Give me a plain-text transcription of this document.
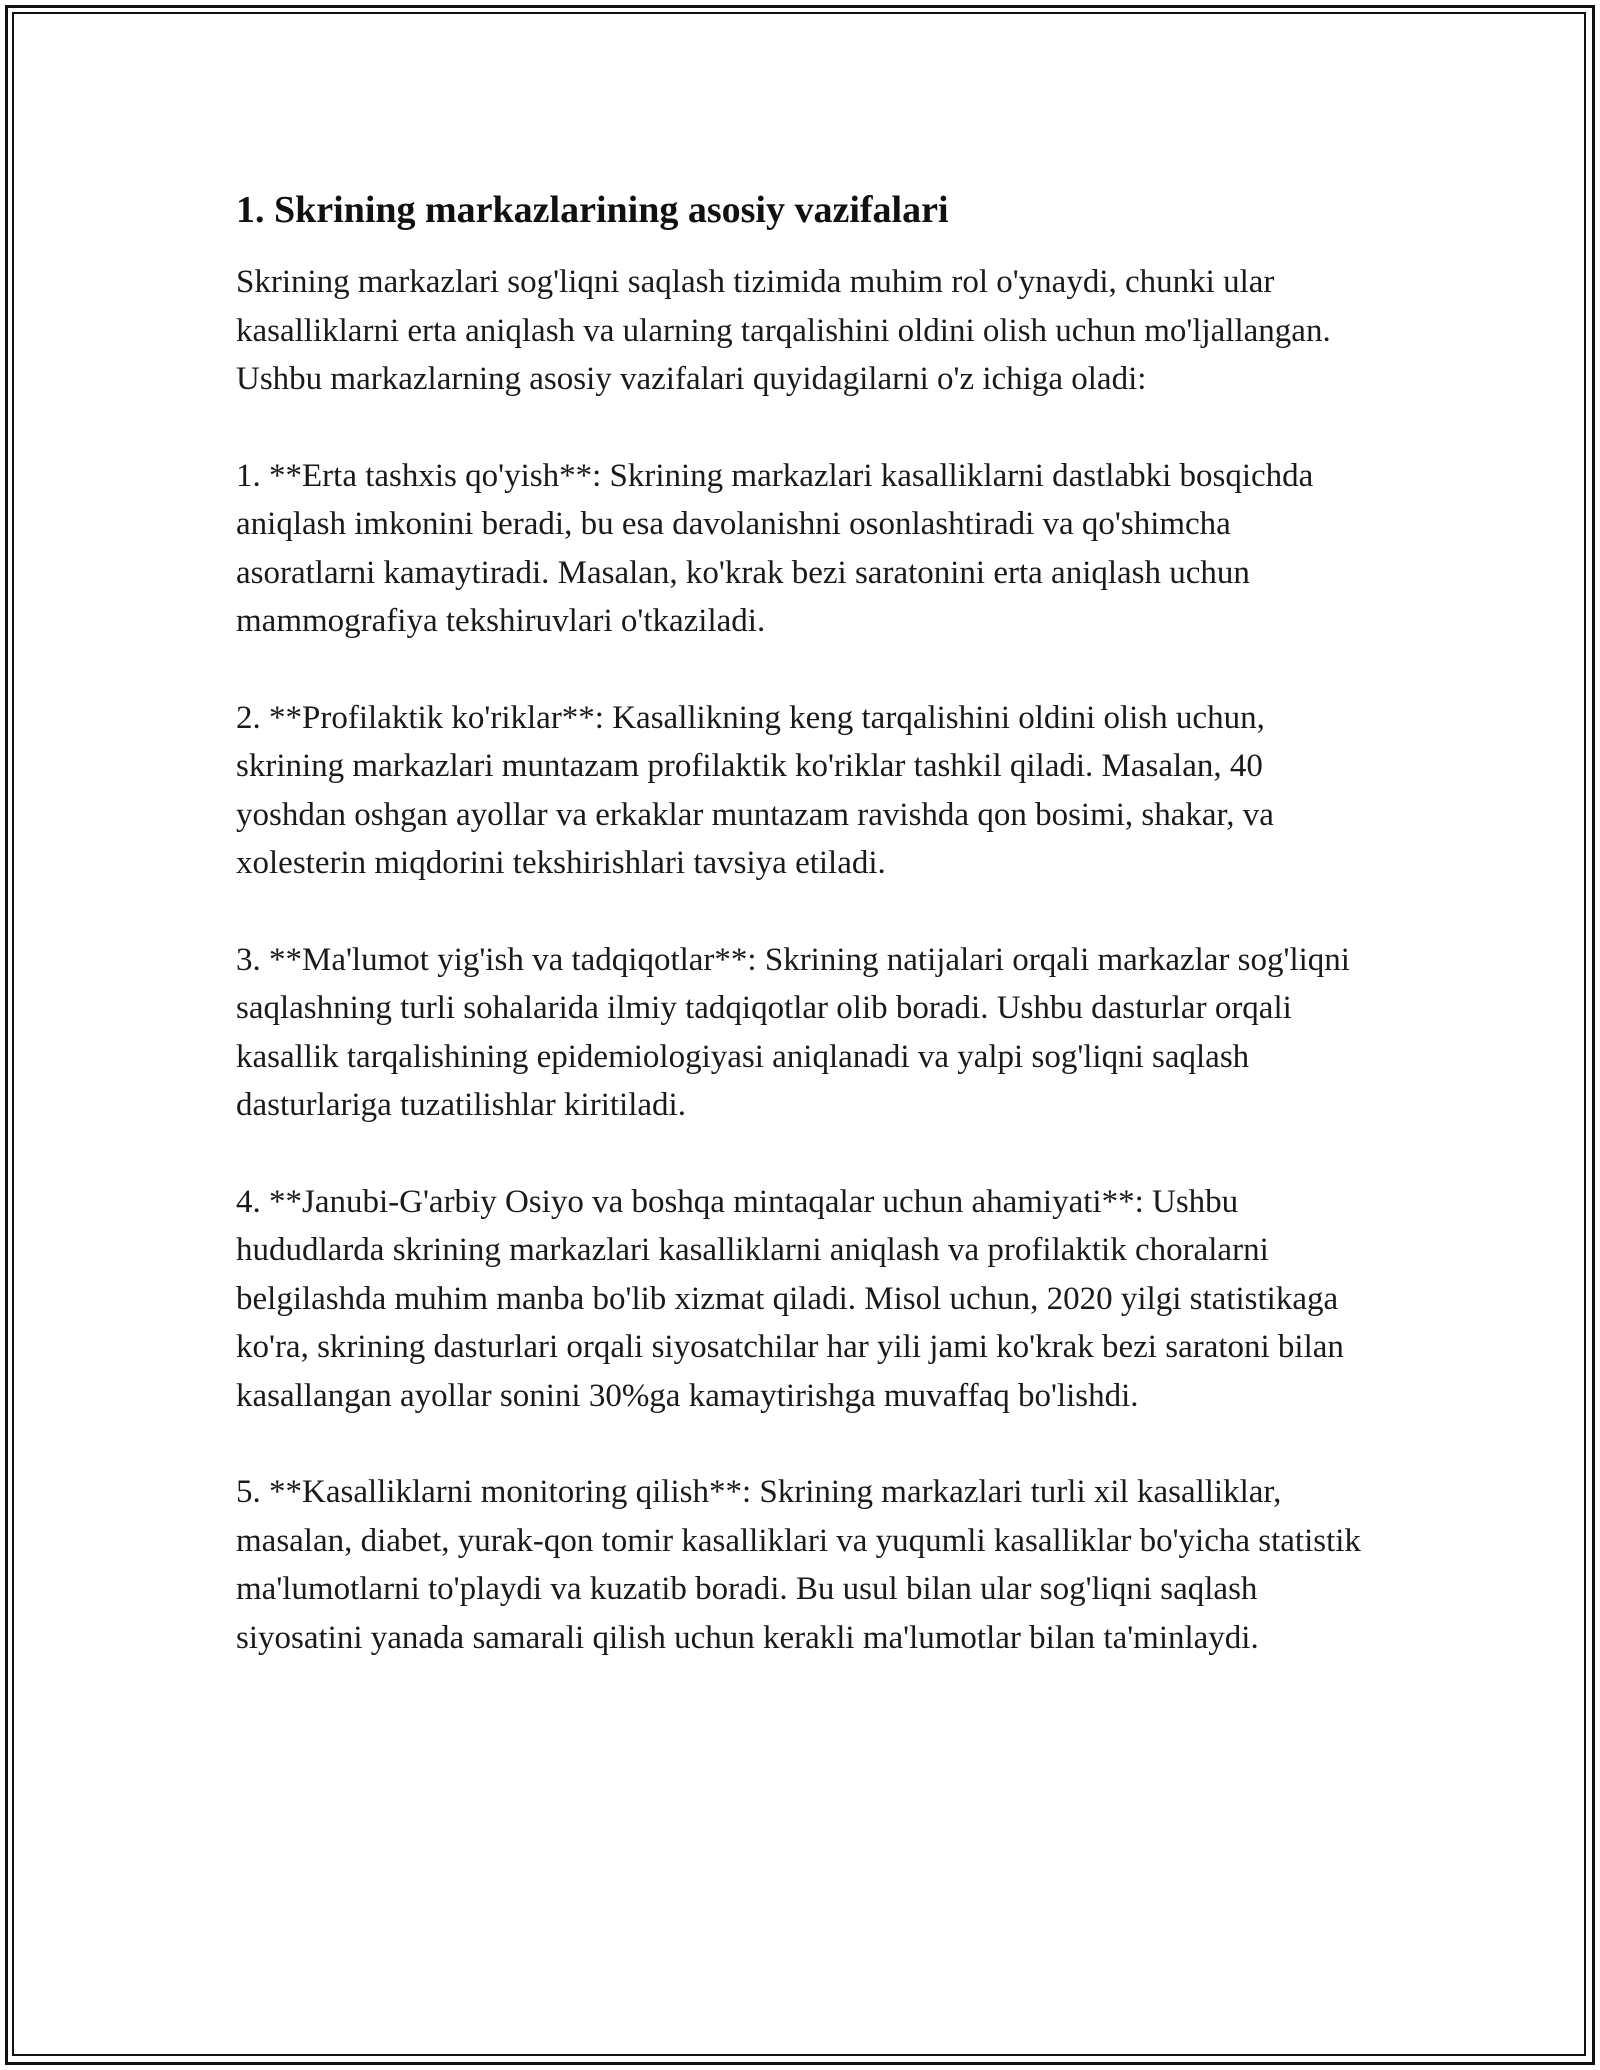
1. Skrining markazlarining asosiy vazifalari

Skrining markazlari sog'liqni saqlash tizimida muhim rol o'ynaydi, chunki ular kasalliklarni erta aniqlash va ularning tarqalishini oldini olish uchun mo'ljallangan. Ushbu markazlarning asosiy vazifalari quyidagilarni o'z ichiga oladi:

1. **Erta tashxis qo'yish**: Skrining markazlari kasalliklarni dastlabki bosqichda aniqlash imkonini beradi, bu esa davolanishni osonlashtiradi va qo'shimcha asoratlarni kamaytiradi. Masalan, ko'krak bezi saratonini erta aniqlash uchun mammografiya tekshiruvlari o'tkaziladi.

2. **Profilaktik ko'riklar**: Kasallikning keng tarqalishini oldini olish uchun, skrining markazlari muntazam profilaktik ko'riklar tashkil qiladi. Masalan, 40 yoshdan oshgan ayollar va erkaklar muntazam ravishda qon bosimi, shakar, va xolesterin miqdorini tekshirishlari tavsiya etiladi.

3. **Ma'lumot yig'ish va tadqiqotlar**: Skrining natijalari orqali markazlar sog'liqni saqlashning turli sohalarida ilmiy tadqiqotlar olib boradi. Ushbu dasturlar orqali kasallik tarqalishining epidemiologiyasi aniqlanadi va yalpi sog'liqni saqlash dasturlariga tuzatilishlar kiritiladi.

4. **Janubi-G'arbiy Osiyo va boshqa mintaqalar uchun ahamiyati**: Ushbu hududlarda skrining markazlari kasalliklarni aniqlash va profilaktik choralarni belgilashda muhim manba bo'lib xizmat qiladi. Misol uchun, 2020 yilgi statistikaga ko'ra, skrining dasturlari orqali siyosatchilar har yili jami ko'krak bezi saratoni bilan kasallangan ayollar sonini 30%ga kamaytirishga muvaffaq bo'lishdi.

5. **Kasalliklarni monitoring qilish**: Skrining markazlari turli xil kasalliklar, masalan, diabet, yurak-qon tomir kasalliklari va yuqumli kasalliklar bo'yicha statistik ma'lumotlarni to'playdi va kuzatib boradi. Bu usul bilan ular sog'liqni saqlash siyosatini yanada samarali qilish uchun kerakli ma'lumotlar bilan ta'minlaydi.
